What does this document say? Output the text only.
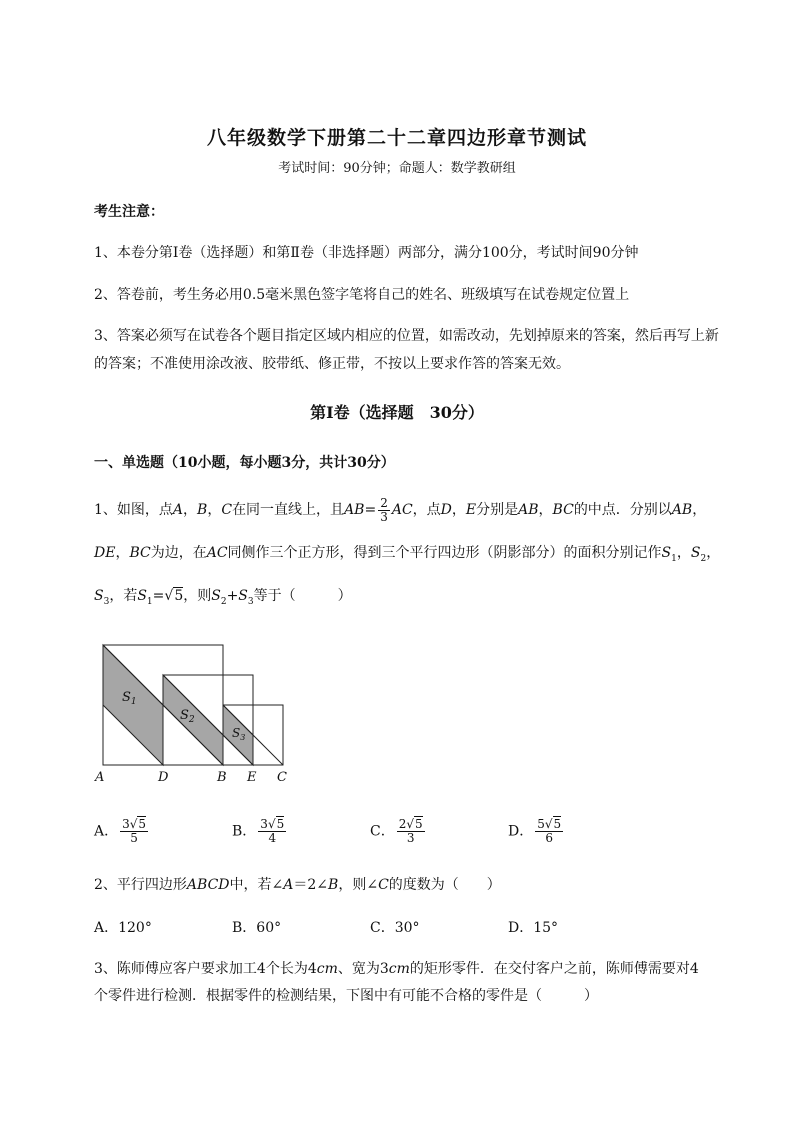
八年级数学下册第二十二章四边形章节测试
考试时间：90分钟；命题人：数学教研组
考生注意：
1、本卷分第Ⅰ卷（选择题）和第Ⅱ卷（非选择题）两部分，满分100分，考试时间90分钟
2、答卷前，考生务必用0.5毫米黑色签字笔将自己的姓名、班级填写在试卷规定位置上
3、答案必须写在试卷各个题目指定区域内相应的位置，如需改动，先划掉原来的答案，然后再写上新
的答案；不准使用涂改液、胶带纸、修正带，不按以上要求作答的答案无效。
第Ⅰ卷（选择题　30分）
一、单选题（10小题，每小题3分，共计30分）
1、如图，点A，B，C在同一直线上，且$AB= \frac{2}{3}$ AC，点D，E分别是AB，BC的中点．分别以AB，
DE，BC为边，在AC同侧作三个正方形，得到三个平行四边形（阴影部分）的面积分别记作$S_1$，$S_2$，
$S_3$，若$S_1=√5$，则$S_2+S_3$等于（　　　）
$S_1$
$S_2$
$S_3$
A	D	B E C
A． $\frac{3√5}{5}$	B． $\frac{3√5}{4}$	C． $\frac{2√5}{3}$	D． $\frac{5√5}{6}$
2、平行四边形ABCD中，若∠A＝2∠B，则∠C的度数为（　　）
A．120°	B．60°	C．30°	D．15°
3、陈师傅应客户要求加工4个长为4cm、宽为3cm的矩形零件．在交付客户之前，陈师傅需要对4
个零件进行检测．根据零件的检测结果，下图中有可能不合格的零件是（　　　）
